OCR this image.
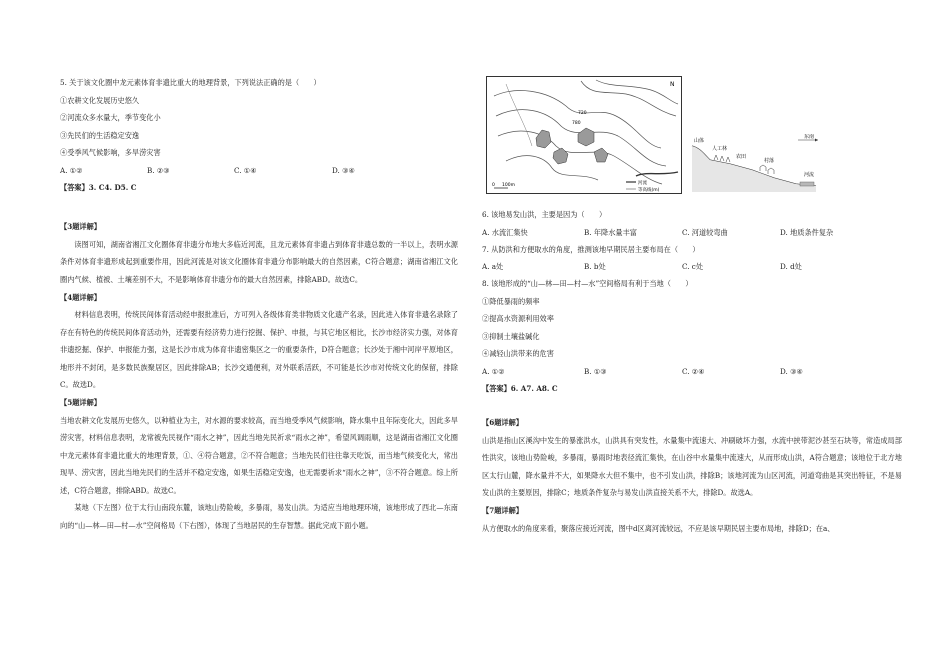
5. 关于该文化圈中龙元素体育非遗比重大的地理背景，下列说法正确的是（　　）

①农耕文化发展历史悠久

②河流众多水量大，季节变化小

③先民们的生活稳定安逸

④受季风气候影响，多旱涝灾害

A. ①②	B. ②③	C. ①④	D. ③④

【答案】3. C4. D5. C

【3题详解】

读图可知，湖南省湘江文化圈体育非遗分布地大多临近河流，且龙元素体育非遗占到体育非遗总数的一半以上，表明水源条件对体育非遗形成起到重要作用，因此河流是对该文化圈体育非遗分布影响最大的自然因素，C符合题意；湖南省湘江文化圈内气候、植被、土壤差别不大，不是影响体育非遗分布的最大自然因素，排除ABD。故选C。

【4题详解】

材料信息表明，传统民间体育活动经申报批准后，方可列入各级体育类非物质文化遗产名录，因此进入体育非遗名录除了存在有特色的传统民间体育活动外，还需要有经济势力进行挖掘、保护、申报，与其它地区相比，长沙市经济实力强，对体育非遗挖掘、保护、申报能力强，这是长沙市成为体育非遗密集区之一的重要条件，D符合题意；长沙处于湘中河岸平原地区，地形并不封闭，是多数民族聚居区，因此排除AB；长沙交通便利，对外联系活跃，不可能是长沙市对传统文化的保留，排除C。故选D。

【5题详解】

当地农耕文化发展历史悠久，以种植业为主，对水源的要求较高，而当地受季风气候影响，降水集中且年际变化大，因此多旱涝灾害，材料信息表明，龙常被先民视作“雨水之神”，因此当地先民祈求“雨水之神”，希望风调雨顺，这是湖南省湘江文化圈中龙元素体育非遗比重大的地理背景，①、④符合题意，②不符合题意；当地先民们往往靠天吃饭，而当地气候变化大，常出现旱、涝灾害，因此当地先民们的生活并不稳定安逸，如果生活稳定安逸，也无需要祈求“雨水之神”，③不符合题意。综上所述，C符合题意，排除ABD。故选C。

某地（下左图）位于太行山南段东麓，该地山势险峻，多暴雨，易发山洪。为适应当地地理环境，该地形成了西北—东南向的“山—林—田—村—水”空间格局（下右图），体现了当地居民的生存智慧。据此完成下面小题。

N
720
780
河流
等高线(m)
0 100m
山体
人工林
农田
村落
河流
东南

6. 该地易发山洪，主要是因为（　　）

A. 水流汇集快	B. 年降水量丰富	C. 河道较弯曲	D. 地质条件复杂

7. 从防洪和方便取水的角度，推测该地早期民居主要布局在（　　）

A. a处	B. b处	C. c处	D. d处

8. 该地形成的“山—林—田—村—水”空间格局有利于当地（　　）

①降低暴雨的频率

②提高水资源利用效率

③抑制土壤盐碱化

④减轻山洪带来的危害

A. ①②	B. ①③	C. ②④	D. ③④

【答案】6. A7. A8. C

【6题详解】

山洪是指山区溪沟中发生的暴涨洪水，山洪具有突发性，水量集中流速大、冲刷破坏力强，水流中挟带泥沙甚至石块等，常造成局部性洪灾，该地山势险峻，多暴雨，暴雨时地表径流汇集快，在山谷中水量集中流速大，从而形成山洪，A符合题意；该地位于北方地区太行山麓，降水量并不大，如果降水大但不集中，也不引发山洪，排除B；该地河流为山区河流，河道弯曲是其突出特征，不是易发山洪的主要原因，排除C；地质条件复杂与易发山洪直接关系不大，排除D。故选A。

【7题详解】

从方便取水的角度来看，聚落应接近河流，图中d区离河流较远，不应是该早期民居主要布局地，排除D；在a、
